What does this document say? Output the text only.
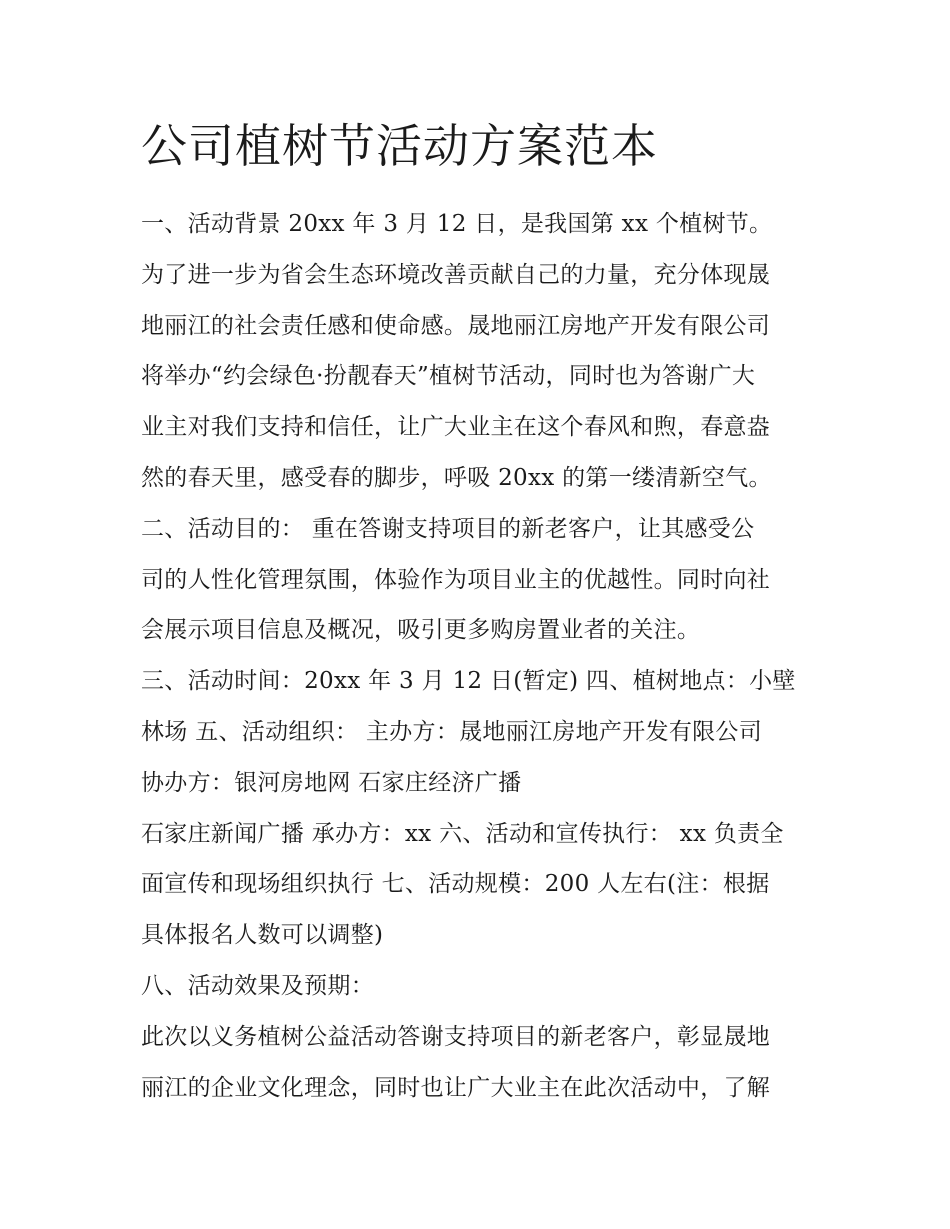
公司植树节活动方案范本
一、活动背景 20xx 年 3 月 12 日，是我国第 xx 个植树节。
为了进一步为省会生态环境改善贡献自己的力量，充分体现晟
地丽江的社会责任感和使命感。晟地丽江房地产开发有限公司
将举办“约会绿色·扮靓春天”植树节活动，同时也为答谢广大
业主对我们支持和信任，让广大业主在这个春风和煦，春意盎
然的春天里，感受春的脚步，呼吸 20xx 的第一缕清新空气。
二、活动目的： 重在答谢支持项目的新老客户，让其感受公
司的人性化管理氛围，体验作为项目业主的优越性。同时向社
会展示项目信息及概况，吸引更多购房置业者的关注。
三、活动时间：20xx 年 3 月 12 日(暂定) 四、植树地点：小壁
林场 五、活动组织： 主办方：晟地丽江房地产开发有限公司
协办方：银河房地网 石家庄经济广播
石家庄新闻广播 承办方：xx 六、活动和宣传执行： xx 负责全
面宣传和现场组织执行 七、活动规模：200 人左右(注：根据
具体报名人数可以调整)
八、活动效果及预期：
此次以义务植树公益活动答谢支持项目的新老客户，彰显晟地
丽江的企业文化理念，同时也让广大业主在此次活动中，了解
